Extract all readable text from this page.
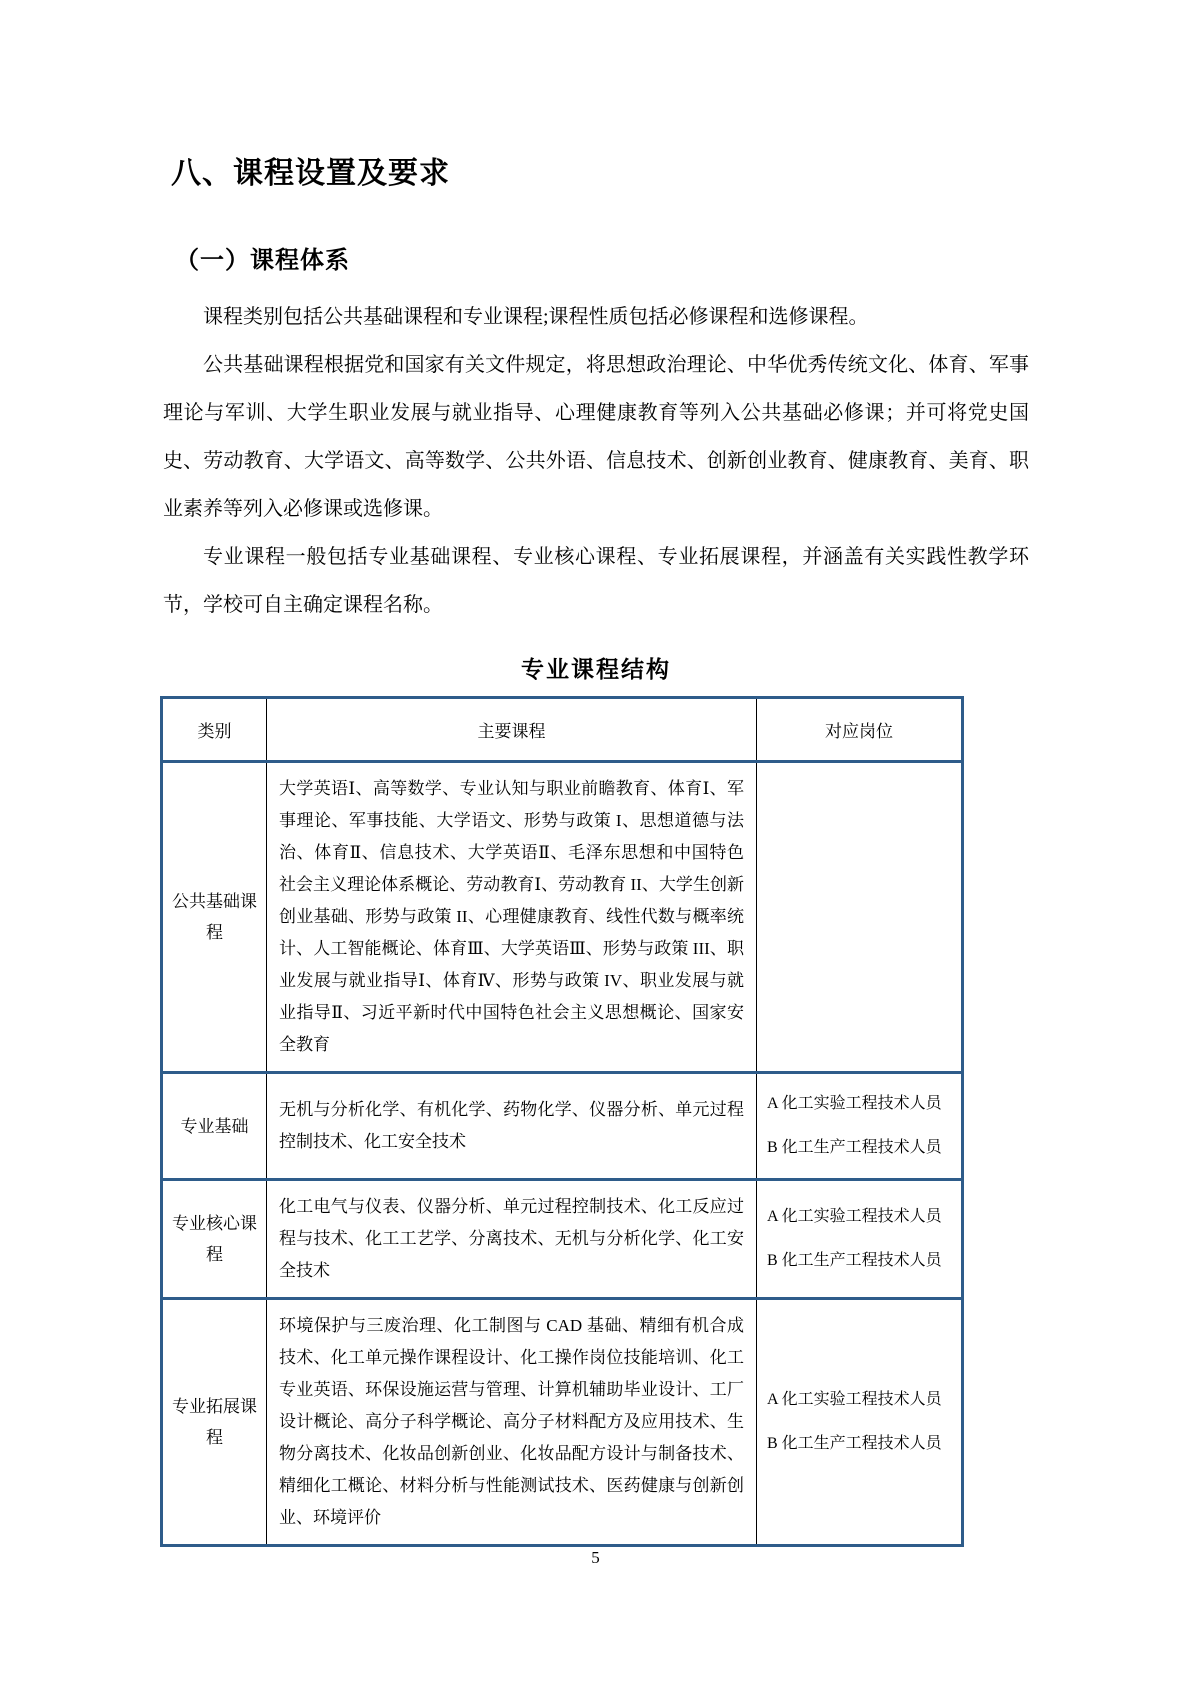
八、课程设置及要求
（一）课程体系

课程类别包括公共基础课程和专业课程;课程性质包括必修课程和选修课程。

公共基础课程根据党和国家有关文件规定，将思想政治理论、中华优秀传统文化、体育、军事理论与军训、大学生职业发展与就业指导、心理健康教育等列入公共基础必修课；并可将党史国史、劳动教育、大学语文、高等数学、公共外语、信息技术、创新创业教育、健康教育、美育、职业素养等列入必修课或选修课。

专业课程一般包括专业基础课程、专业核心课程、专业拓展课程，并涵盖有关实践性教学环节，学校可自主确定课程名称。

专业课程结构
类别	主要课程	对应岗位
公共基础课程	大学英语Ⅰ、高等数学、专业认知与职业前瞻教育、体育Ⅰ、军事理论、军事技能、大学语文、形势与政策 I、思想道德与法治、体育Ⅱ、信息技术、大学英语Ⅱ、毛泽东思想和中国特色社会主义理论体系概论、劳动教育Ⅰ、劳动教育 II、大学生创新创业基础、形势与政策 II、心理健康教育、线性代数与概率统计、人工智能概论、体育Ⅲ、大学英语Ⅲ、形势与政策 III、职业发展与就业指导Ⅰ、体育Ⅳ、形势与政策 IV、职业发展与就业指导Ⅱ、习近平新时代中国特色社会主义思想概论、国家安全教育	
专业基础	无机与分析化学、有机化学、药物化学、仪器分析、单元过程控制技术、化工安全技术	A 化工实验工程技术人员
B 化工生产工程技术人员

专业核心课程	化工电气与仪表、仪器分析、单元过程控制技术、化工反应过程与技术、化工工艺学、分离技术、无机与分析化学、化工安全技术	A 化工实验工程技术人员
B 化工生产工程技术人员

专业拓展课程	环境保护与三废治理、化工制图与 CAD 基础、精细有机合成技术、化工单元操作课程设计、化工操作岗位技能培训、化工专业英语、环保设施运营与管理、计算机辅助毕业设计、工厂设计概论、高分子科学概论、高分子材料配方及应用技术、生物分离技术、化妆品创新创业、化妆品配方设计与制备技术、精细化工概论、材料分析与性能测试技术、医药健康与创新创业、环境评价	A 化工实验工程技术人员
B 化工生产工程技术人员
5
